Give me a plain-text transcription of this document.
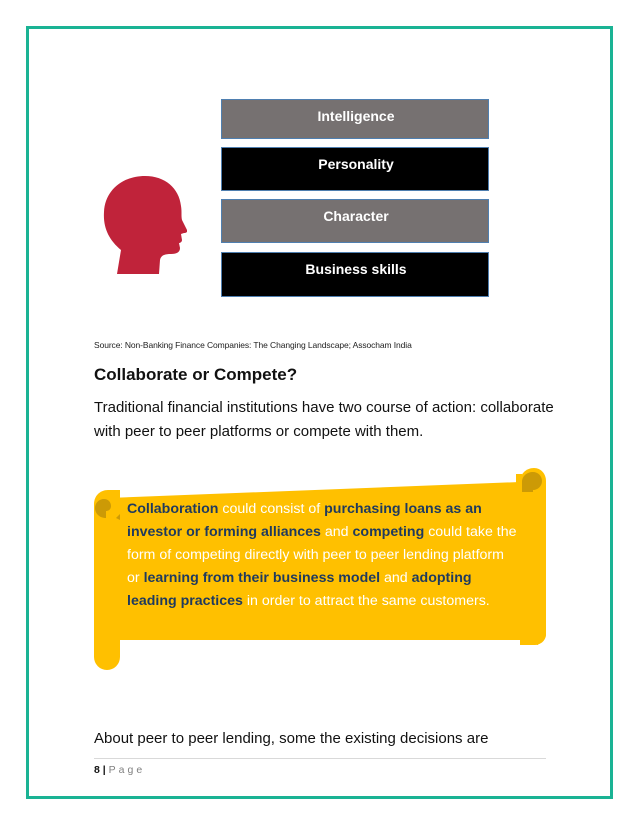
Intelligence
Personality
Character
Business skills
Source: Non-Banking Finance Companies: The Changing Landscape; Assocham India
Collaborate or Compete?
Traditional financial institutions have two course of action: collaborate with peer to peer platforms or compete with them.
Collaboration could consist of purchasing loans as an investor or forming alliances and competing could take the form of competing directly with peer to peer lending platform or learning from their business model and adopting leading practices in order to attract the same customers.
About peer to peer lending, some the existing decisions are
8 | Page
